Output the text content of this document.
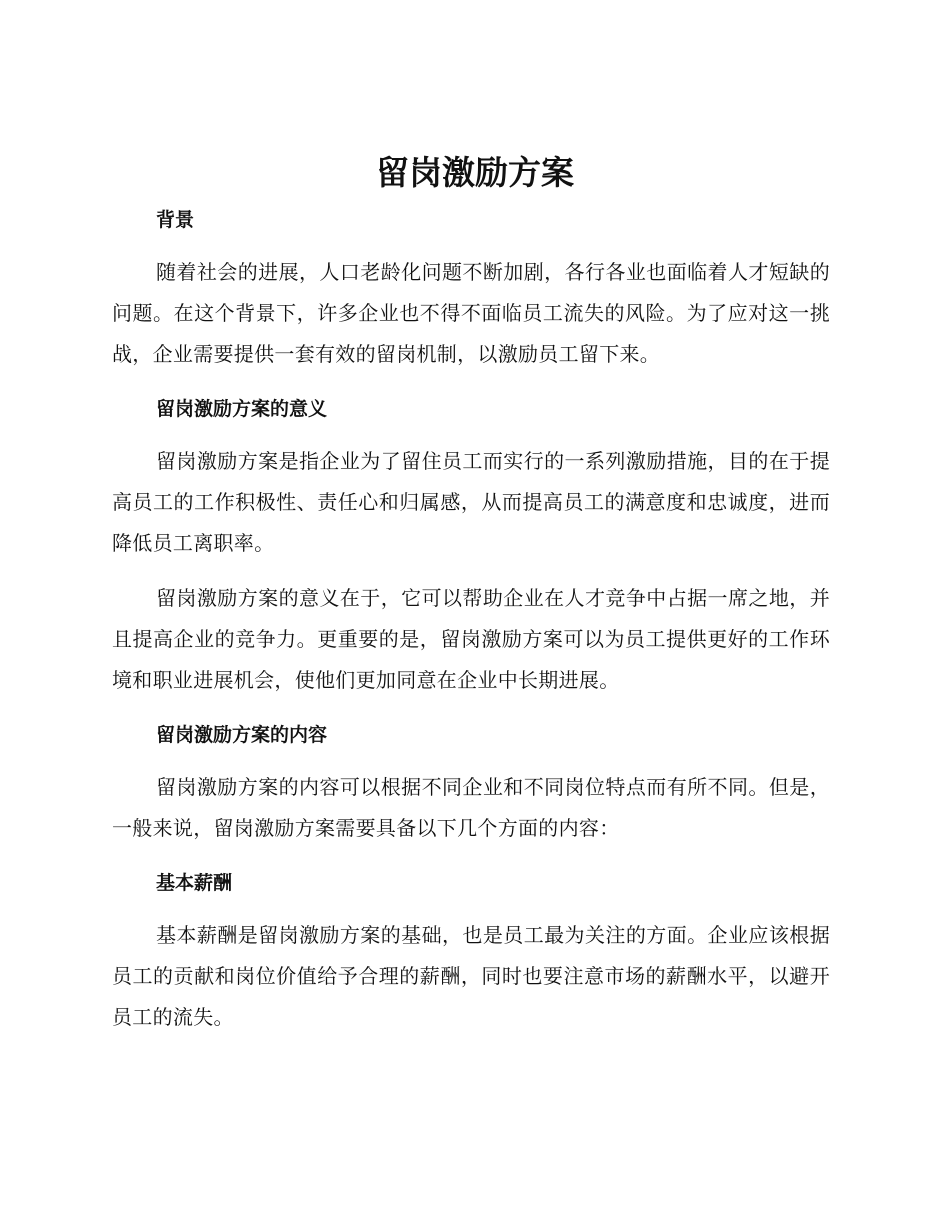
留岗激励方案
背景

随着社会的进展，人口老龄化问题不断加剧，各行各业也面临着人才短缺的问题。在这个背景下，许多企业也不得不面临员工流失的风险。为了应对这一挑战，企业需要提供一套有效的留岗机制，以激励员工留下来。

留岗激励方案的意义

留岗激励方案是指企业为了留住员工而实行的一系列激励措施，目的在于提高员工的工作积极性、责任心和归属感，从而提高员工的满意度和忠诚度，进而降低员工离职率。

留岗激励方案的意义在于，它可以帮助企业在人才竞争中占据一席之地，并且提高企业的竞争力。更重要的是，留岗激励方案可以为员工提供更好的工作环境和职业进展机会，使他们更加同意在企业中长期进展。

留岗激励方案的内容

留岗激励方案的内容可以根据不同企业和不同岗位特点而有所不同。但是，一般来说，留岗激励方案需要具备以下几个方面的内容：

基本薪酬

基本薪酬是留岗激励方案的基础，也是员工最为关注的方面。企业应该根据员工的贡献和岗位价值给予合理的薪酬，同时也要注意市场的薪酬水平，以避开员工的流失。
